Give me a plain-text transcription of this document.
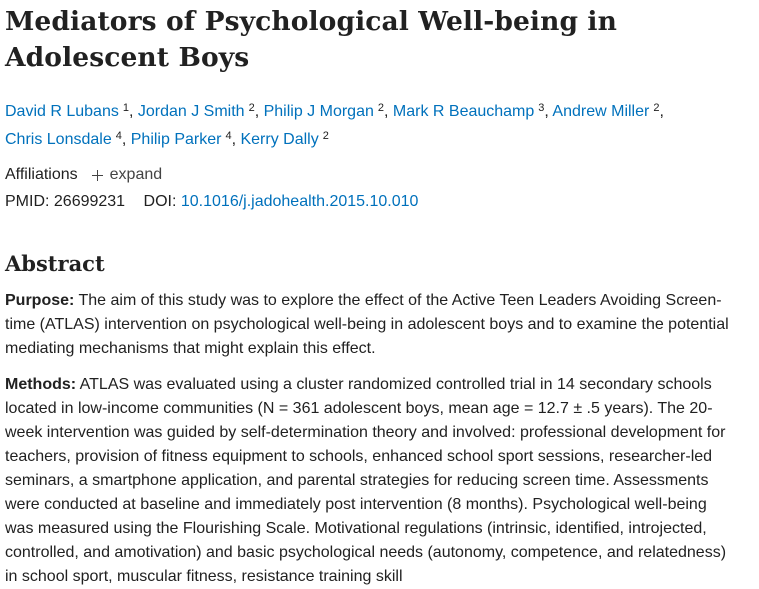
Mediators of Psychological Well-being in Adolescent Boys
David R Lubans $^1$, Jordan J Smith $^2$, Philip J Morgan $^2$, Mark R Beauchamp $^3$, Andrew Miller $^2$,
Chris Lonsdale $^4$, Philip Parker $^4$, Kerry Dally $^2$
Affiliations expand
PMID: 26699231 DOI: 10.1016/j.jadohealth.2015.10.010
Abstract

Purpose: The aim of this study was to explore the effect of the Active Teen Leaders Avoiding Screen-time (ATLAS) intervention on psychological well-being in adolescent boys and to examine the potential mediating mechanisms that might explain this effect.

Methods: ATLAS was evaluated using a cluster randomized controlled trial in 14 secondary schools located in low-income communities (N = 361 adolescent boys, mean age = 12.7 ± .5 years). The 20-week intervention was guided by self-determination theory and involved: professional development for teachers, provision of fitness equipment to schools, enhanced school sport sessions, researcher-led seminars, a smartphone application, and parental strategies for reducing screen time. Assessments were conducted at baseline and immediately post intervention (8 months). Psychological well-being was measured using the Flourishing Scale. Motivational regulations (intrinsic, identified, introjected, controlled, and amotivation) and basic psychological needs (autonomy, competence, and relatedness) in school sport, muscular fitness, resistance training skill
